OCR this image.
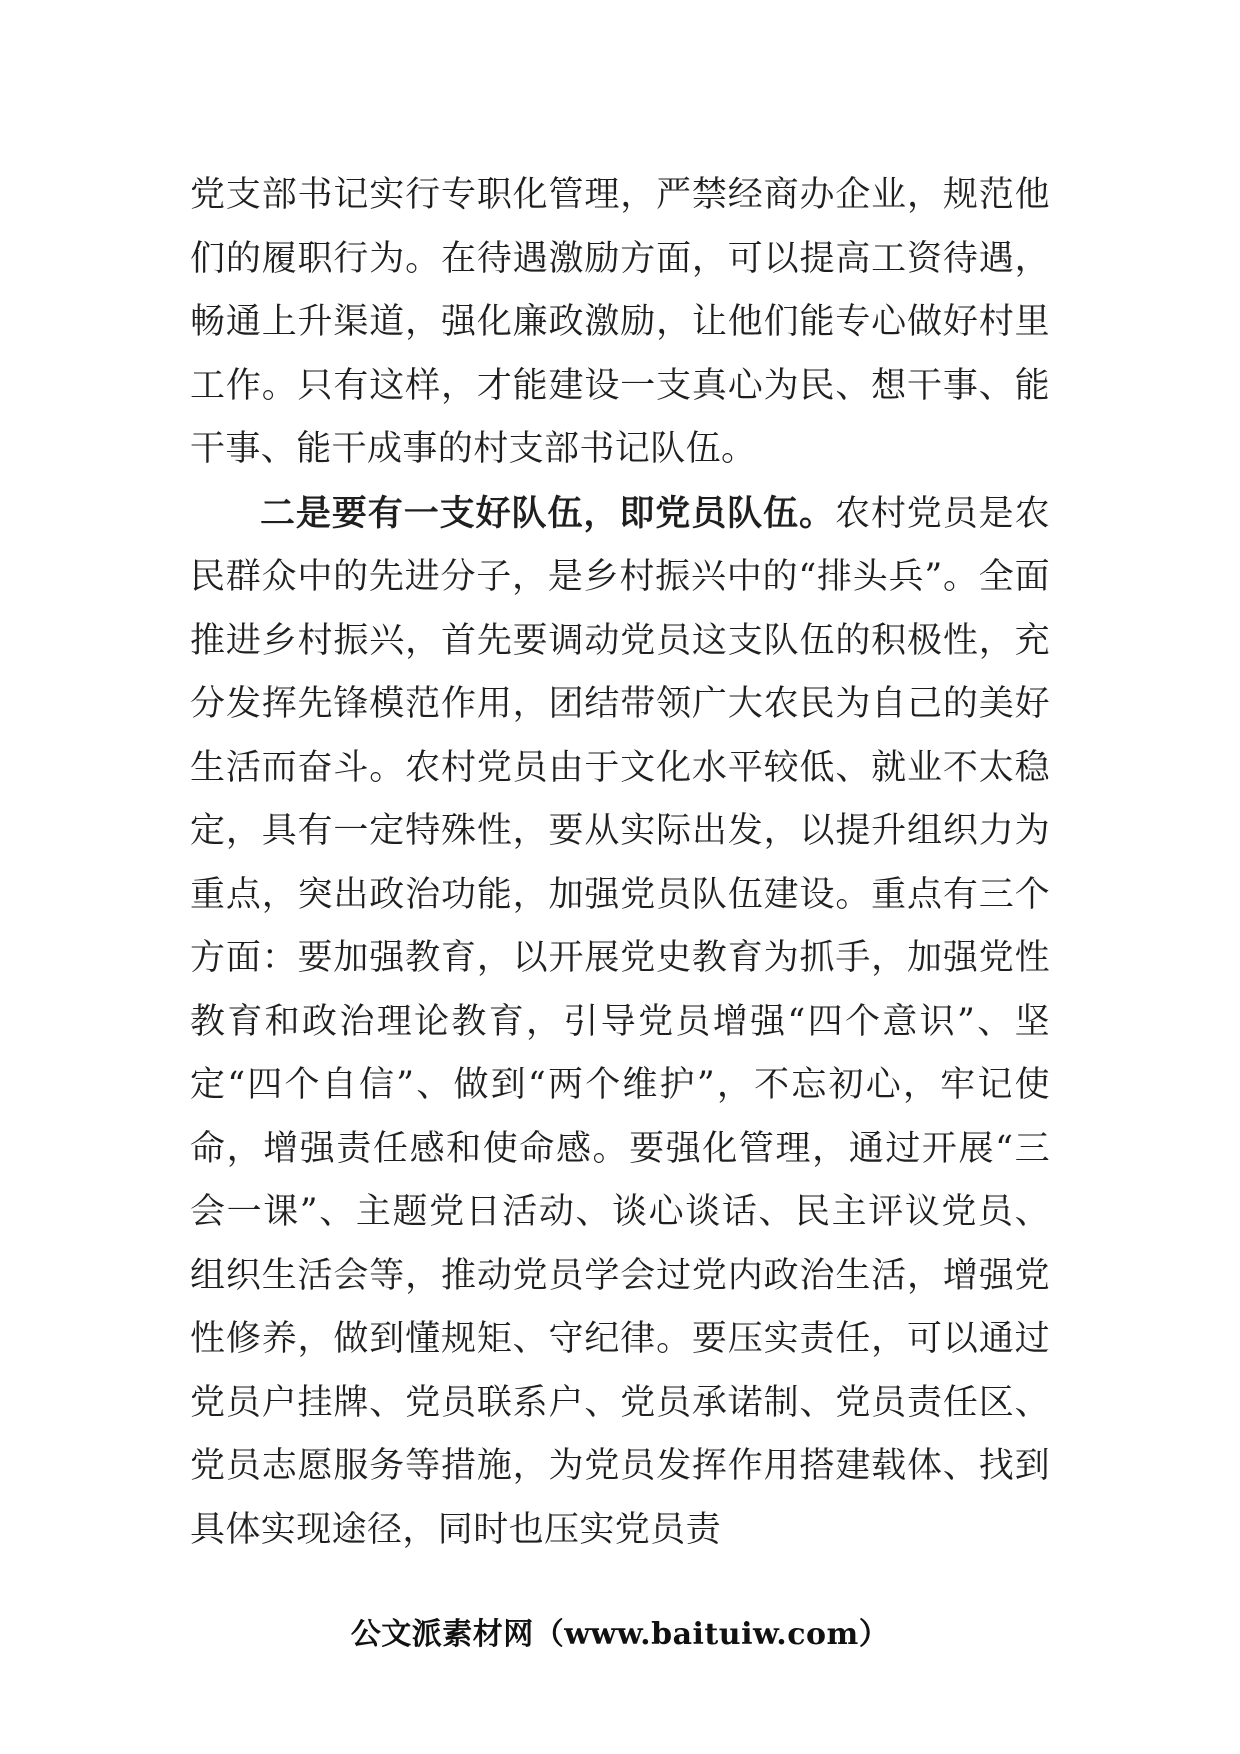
党支部书记实行专职化管理，严禁经商办企业，规范他们的履职行为。在待遇激励方面，可以提高工资待遇，畅通上升渠道，强化廉政激励，让他们能专心做好村里工作。只有这样，才能建设一支真心为民、想干事、能干事、能干成事的村支部书记队伍。

二是要有一支好队伍，即党员队伍。农村党员是农民群众中的先进分子，是乡村振兴中的“排头兵”。全面推进乡村振兴，首先要调动党员这支队伍的积极性，充分发挥先锋模范作用，团结带领广大农民为自己的美好生活而奋斗。农村党员由于文化水平较低、就业不太稳定，具有一定特殊性，要从实际出发，以提升组织力为重点，突出政治功能，加强党员队伍建设。重点有三个方面：要加强教育，以开展党史教育为抓手，加强党性教育和政治理论教育，引导党员增强“四个意识”、坚定“四个自信”、做到“两个维护”，不忘初心，牢记使命，增强责任感和使命感。要强化管理，通过开展“三会一课”、主题党日活动、谈心谈话、民主评议党员、组织生活会等，推动党员学会过党内政治生活，增强党性修养，做到懂规矩、守纪律。要压实责任，可以通过党员户挂牌、党员联系户、党员承诺制、党员责任区、党员志愿服务等措施，为党员发挥作用搭建载体、找到具体实现途径，同时也压实党员责

公文派素材网（www.baituiw.com）
